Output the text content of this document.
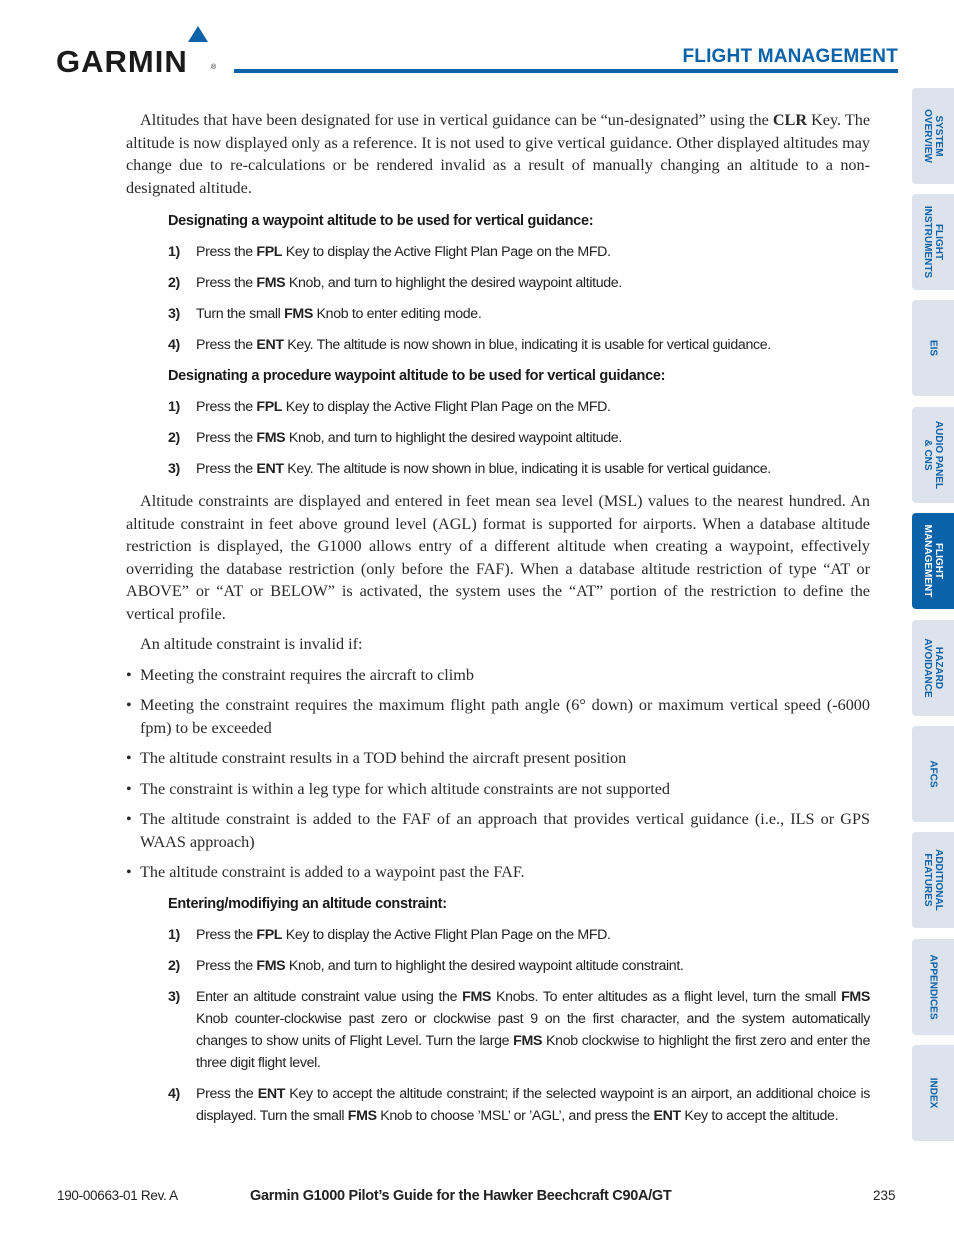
GARMIN	®
FLIGHT MANAGEMENT

Altitudes that have been designated for use in vertical guidance can be “un-designated” using the CLR Key. The altitude is now displayed only as a reference. It is not used to give vertical guidance. Other displayed altitudes may change due to re-calculations or be rendered invalid as a result of manually changing an altitude to a non-designated altitude.

Designating a waypoint altitude to be used for vertical guidance:
1)	Press the FPL Key to display the Active Flight Plan Page on the MFD.
2)	Press the FMS Knob, and turn to highlight the desired waypoint altitude.
3)	Turn the small FMS Knob to enter editing mode.
4)	Press the ENT Key. The altitude is now shown in blue, indicating it is usable for vertical guidance.
Designating a procedure waypoint altitude to be used for vertical guidance:
1)	Press the FPL Key to display the Active Flight Plan Page on the MFD.
2)	Press the FMS Knob, and turn to highlight the desired waypoint altitude.
3)	Press the ENT Key. The altitude is now shown in blue, indicating it is usable for vertical guidance.

Altitude constraints are displayed and entered in feet mean sea level (MSL) values to the nearest hundred. An altitude constraint in feet above ground level (AGL) format is supported for airports. When a database altitude restriction is displayed, the G1000 allows entry of a different altitude when creating a waypoint, effectively overriding the database restriction (only before the FAF). When a database altitude restriction of type “AT or ABOVE” or “AT or BELOW” is activated, the system uses the “AT” portion of the restriction to define the vertical profile.

An altitude constraint is invalid if:

• Meeting the constraint requires the aircraft to climb
• Meeting the constraint requires the maximum flight path angle (6° down) or maximum vertical speed (-6000 fpm) to be exceeded
• The altitude constraint results in a TOD behind the aircraft present position
• The constraint is within a leg type for which altitude constraints are not supported
• The altitude constraint is added to the FAF of an approach that provides vertical guidance (i.e., ILS or GPS WAAS approach)
• The altitude constraint is added to a waypoint past the FAF.
Entering/modifiying an altitude constraint:
1)	Press the FPL Key to display the Active Flight Plan Page on the MFD.
2)	Press the FMS Knob, and turn to highlight the desired waypoint altitude constraint.
3)	Enter an altitude constraint value using the FMS Knobs. To enter altitudes as a flight level, turn the small FMS Knob counter-clockwise past zero or clockwise past 9 on the first character, and the system automatically changes to show units of Flight Level. Turn the large FMS Knob clockwise to highlight the first zero and enter the three digit flight level.
4)	Press the ENT Key to accept the altitude constraint; if the selected waypoint is an airport, an additional choice is displayed. Turn the small FMS Knob to choose ’MSL’ or ’AGL’, and press the ENT Key to accept the altitude.
SYSTEM
OVERVIEW
FLIGHT
INSTRUMENTS
EIS
AUDIO PANEL
& CNS
FLIGHT
MANAGEMENT
HAZARD
AVOIDANCE
AFCS
ADDITIONAL
FEATURES
APPENDICES
INDEX
190-00663-01 Rev. A	Garmin G1000 Pilot’s Guide for the Hawker Beechcraft C90A/GT	235
